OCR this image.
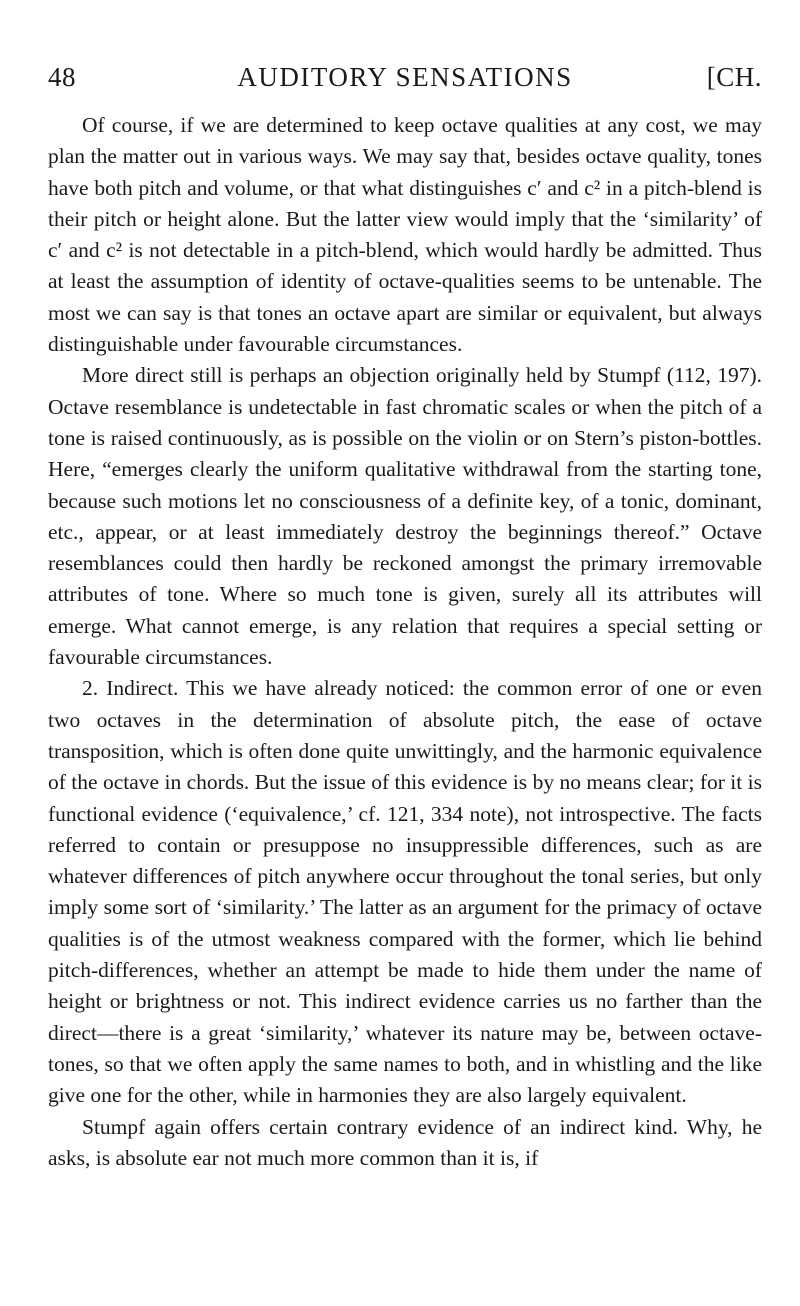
48	AUDITORY SENSATIONS	[CH.

Of course, if we are determined to keep octave qualities at any cost, we may plan the matter out in various ways. We may say that, besides octave quality, tones have both pitch and volume, or that what distinguishes c′ and c² in a pitch-blend is their pitch or height alone. But the latter view would imply that the ‘similarity’ of c′ and c² is not detectable in a pitch-blend, which would hardly be admitted. Thus at least the assumption of identity of octave-qualities seems to be untenable. The most we can say is that tones an octave apart are similar or equivalent, but always distinguishable under favourable circumstances.

More direct still is perhaps an objection originally held by Stumpf (112, 197). Octave resemblance is undetectable in fast chromatic scales or when the pitch of a tone is raised continuously, as is possible on the violin or on Stern’s piston-bottles. Here, “emerges clearly the uniform qualitative withdrawal from the starting tone, because such motions let no consciousness of a definite key, of a tonic, dominant, etc., appear, or at least immediately destroy the beginnings thereof.” Octave resemblances could then hardly be reckoned amongst the primary irremovable attributes of tone. Where so much tone is given, surely all its attributes will emerge. What cannot emerge, is any relation that requires a special setting or favourable circumstances.

2. Indirect. This we have already noticed: the common error of one or even two octaves in the determination of absolute pitch, the ease of octave transposition, which is often done quite unwittingly, and the harmonic equivalence of the octave in chords. But the issue of this evidence is by no means clear; for it is functional evidence (‘equivalence,’ cf. 121, 334 note), not introspective. The facts referred to contain or presuppose no insuppressible differences, such as are whatever differences of pitch anywhere occur throughout the tonal series, but only imply some sort of ‘similarity.’ The latter as an argument for the primacy of octave qualities is of the utmost weakness compared with the former, which lie behind pitch-differences, whether an attempt be made to hide them under the name of height or brightness or not. This indirect evidence carries us no farther than the direct—there is a great ‘similarity,’ whatever its nature may be, between octave-tones, so that we often apply the same names to both, and in whistling and the like give one for the other, while in harmonies they are also largely equivalent.

Stumpf again offers certain contrary evidence of an indirect kind. Why, he asks, is absolute ear not much more common than it is, if
